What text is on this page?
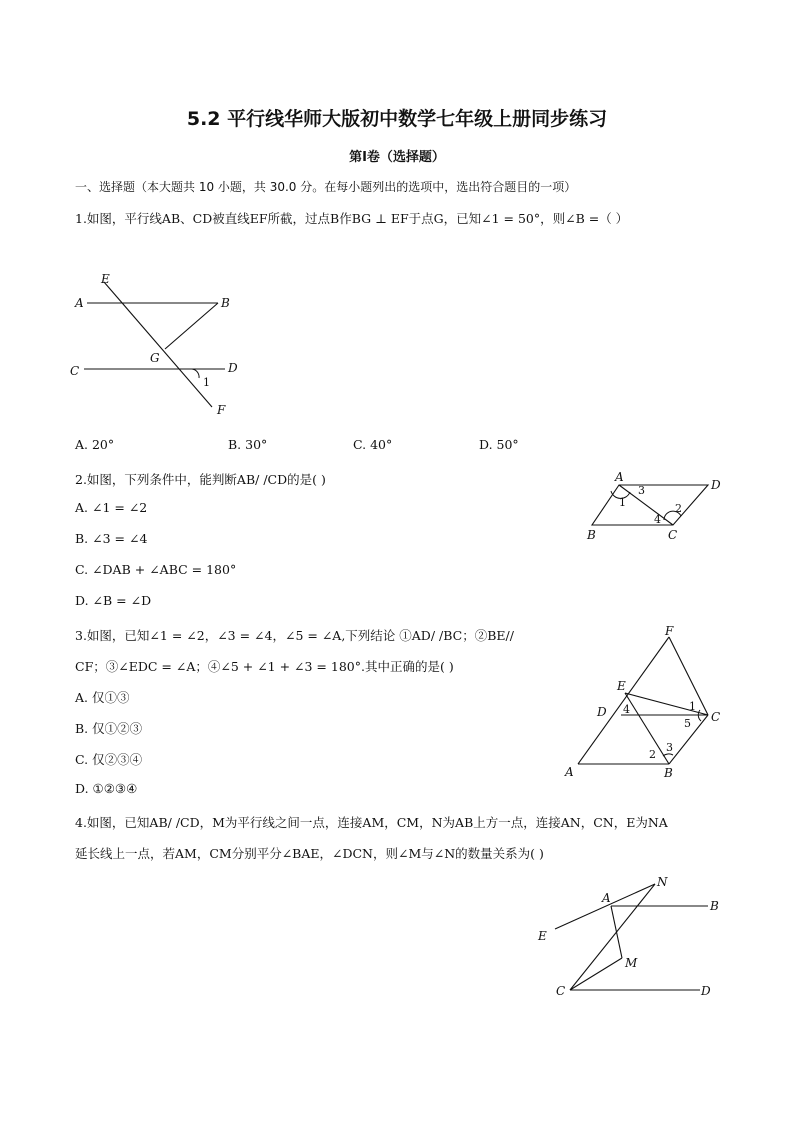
5.2 平行线华师大版初中数学七年级上册同步练习
第I卷（选择题）
一、选择题（本大题共 10 小题，共 30.0 分。在每小题列出的选项中，选出符合题目的一项）
1.如图，平行线AB、CD被直线EF所截，过点B作BG ⊥ EF于点G，已知∠1 = 50°，则∠B =（ ）
E
A	B
G
C	D
1
F
A. 20°	B. 30°	C. 40°	D. 50°
2.如图，下列条件中，能判断AB/ /CD的是( )	A
D
3
1	2
4
B	C
A. ∠1 = ∠2
B. ∠3 = ∠4
C. ∠DAB + ∠ABC = 180°
D. ∠B = ∠D
3.如图，已知∠1 = ∠2，∠3 = ∠4，∠5 = ∠A,下列结论 ①AD/ /BC；②BE//
CF；③∠EDC = ∠A；④∠5 + ∠1 + ∠3 = 180°.其中正确的是( )
F
E
D 4	1
C
5
2
3
A	B
A. 仅①③
B. 仅①②③
C. 仅②③④
D. ①②③④
4.如图，已知AB/ /CD，M为平行线之间一点，连接AM，CM，N为AB上方一点，连接AN，CN，E为NA
延长线上一点，若AM，CM分别平分∠BAE，∠DCN，则∠M与∠N的数量关系为( )
N
A
B
E
M
C	D
